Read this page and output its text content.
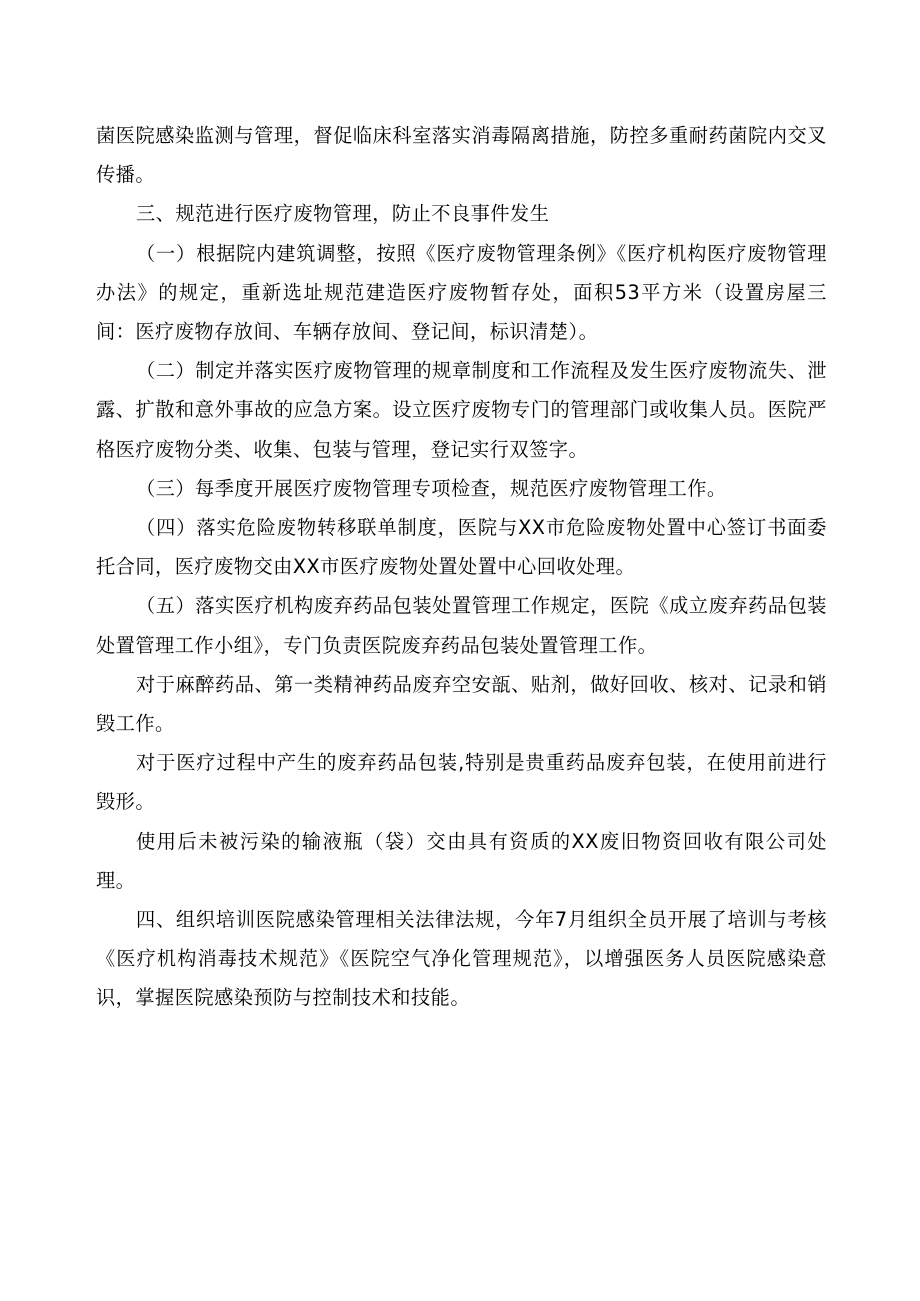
菌医院感染监测与管理，督促临床科室落实消毒隔离措施，防控多重耐药菌院内交叉传播。

三、规范进行医疗废物管理，防止不良事件发生

（一）根据院内建筑调整，按照《医疗废物管理条例》《医疗机构医疗废物管理办法》的规定，重新选址规范建造医疗废物暂存处，面积53平方米（设置房屋三间：医疗废物存放间、车辆存放间、登记间，标识清楚）。

（二）制定并落实医疗废物管理的规章制度和工作流程及发生医疗废物流失、泄露、扩散和意外事故的应急方案。设立医疗废物专门的管理部门或收集人员。医院严格医疗废物分类、收集、包装与管理，登记实行双签字。

（三）每季度开展医疗废物管理专项检查，规范医疗废物管理工作。

（四）落实危险废物转移联单制度，医院与XX市危险废物处置中心签订书面委托合同，医疗废物交由XX市医疗废物处置处置中心回收处理。

（五）落实医疗机构废弃药品包装处置管理工作规定，医院《成立废弃药品包装处置管理工作小组》，专门负责医院废弃药品包装处置管理工作。

对于麻醉药品、第一类精神药品废弃空安瓿、贴剂，做好回收、核对、记录和销毁工作。

对于医疗过程中产生的废弃药品包装,特别是贵重药品废弃包装，在使用前进行毁形。

使用后未被污染的输液瓶（袋）交由具有资质的XX废旧物资回收有限公司处理。

四、组织培训医院感染管理相关法律法规，今年7月组织全员开展了培训与考核《医疗机构消毒技术规范》《医院空气净化管理规范》，以增强医务人员医院感染意识，掌握医院感染预防与控制技术和技能。
